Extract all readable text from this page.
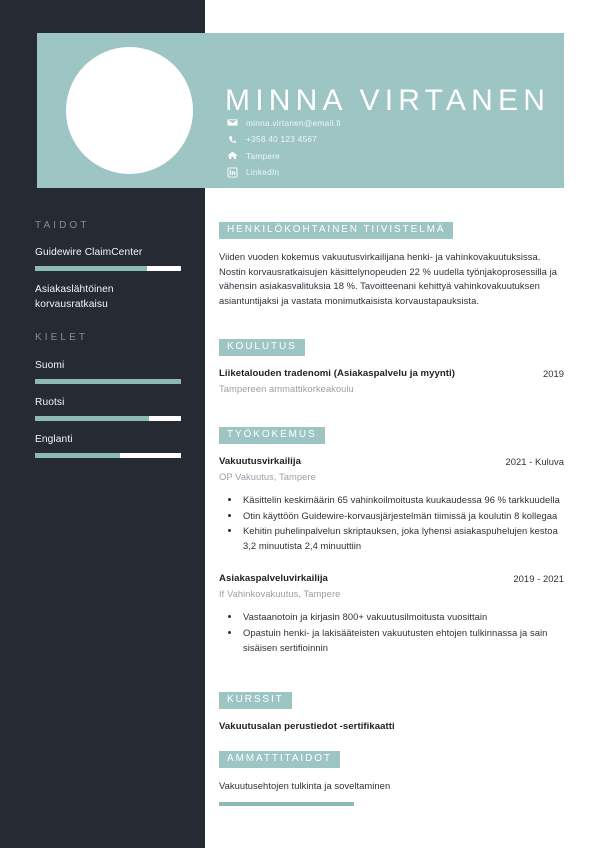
MINNA VIRTANEN
minna.virtanen@email.fi
+358 40 123 4567
Tampere
LinkedIn
TAIDOT
Guidewire ClaimCenter
Asiakaslähtöinen korvausratkaisu
KIELET
Suomi
Ruotsi
Englanti
HENKILÖKOHTAINEN TIIVISTELMÄ
Viiden vuoden kokemus vakuutusvirkailijana henki- ja vahinkovakuutuksissa. Nostin korvausratkaisujen käsittelynopeuden 22 % uudella työnjakoprosessilla ja vähensin asiakasvalituksia 18 %. Tavoitteenani kehittyä vahinkovakuutuksen asiantuntijaksi ja vastata monimutkaisista korvaustapauksista.
KOULUTUS
Liiketalouden tradenomi (Asiakaspalvelu ja myynti)	2019
Tampereen ammattikorkeakoulu
TYÖKOKEMUS
Vakuutusvirkailija	2021 - Kuluva
OP Vakuutus, Tampere
• Käsittelin keskimäärin 65 vahinkoilmoitusta kuukaudessa 96 % tarkkuudella
• Otin käyttöön Guidewire-korvausjärjestelmän tiimissä ja koulutin 8 kollegaa
• Kehitin puhelinpalvelun skriptauksen, joka lyhensi asiakaspuhelujen kestoa 3,2 minuutista 2,4 minuuttiin
Asiakaspalveluvirkailija	2019 - 2021
If Vahinkovakuutus, Tampere
• Vastaanotoin ja kirjasin 800+ vakuutusilmoitusta vuosittain
• Opastuin henki- ja lakisääteisten vakuutusten ehtojen tulkinnassa ja sain sisäisen sertifioinnin
KURSSIT
Vakuutusalan perustiedot -sertifikaatti
AMMATTITAIDOT
Vakuutusehtojen tulkinta ja soveltaminen
